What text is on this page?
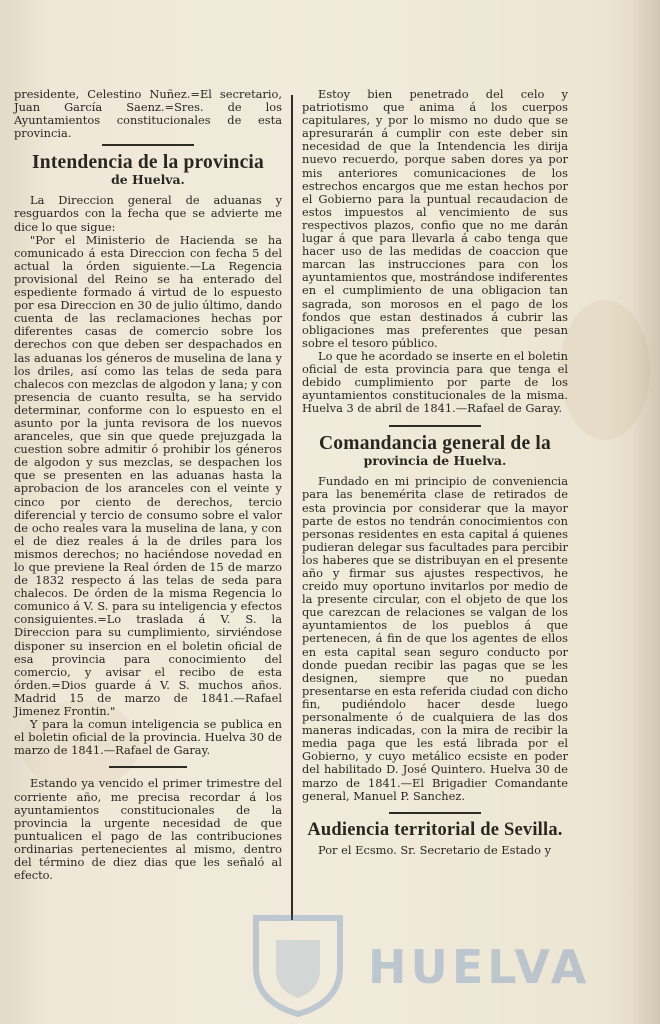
presidente, Celestino Nuñez.=El secretario, Juan García Saenz.=Sres. de los Ayuntamientos constitucionales de esta provincia.

Intendencia de la provincia
de Huelva.

La Direccion general de aduanas y resguardos con la fecha que se advierte me dice lo que sigue:

"Por el Ministerio de Hacienda se ha comunicado á esta Direccion con fecha 5 del actual la órden siguiente.—La Regencia provisional del Reino se ha enterado del espediente formado á virtud de lo espuesto por esa Direccion en 30 de julio último, dando cuenta de las reclamaciones hechas por diferentes casas de comercio sobre los derechos con que deben ser despachados en las aduanas los géneros de muselina de lana y los driles, así como las telas de seda para chalecos con mezclas de algodon y lana; y con presencia de cuanto resulta, se ha servido determinar, conforme con lo espuesto en el asunto por la junta revisora de los nuevos aranceles, que sin que quede prejuzgada la cuestion sobre admitir ó prohibir los géneros de algodon y sus mezclas, se despachen los que se presenten en las aduanas hasta la aprobacion de los aranceles con el veinte y cinco por ciento de derechos, tercio diferencial y tercio de consumo sobre el valor de ocho reales vara la muselina de lana, y con el de diez reales á la de driles para los mismos derechos; no haciéndose novedad en lo que previene la Real órden de 15 de marzo de 1832 respecto á las telas de seda para chalecos. De órden de la misma Regencia lo comunico á V. S. para su inteligencia y efectos consiguientes.=Lo traslada á V. S. la Direccion para su cumplimiento, sirviéndose disponer su insercion en el boletin oficial de esa provincia para conocimiento del comercio, y avisar el recibo de esta órden.=Dios guarde á V. S. muchos años. Madrid 15 de marzo de 1841.—Rafael Jimenez Frontin."

Y para la comun inteligencia se publica en el boletin oficial de la provincia. Huelva 30 de marzo de 1841.—Rafael de Garay.

Estando ya vencido el primer trimestre del corriente año, me precisa recordar á los ayuntamientos constitucionales de la provincia la urgente necesidad de que puntualicen el pago de las contribuciones ordinarias pertenecientes al mismo, dentro del término de diez dias que les señaló al efecto.

Estoy bien penetrado del celo y patriotismo que anima á los cuerpos capitulares, y por lo mismo no dudo que se apresurarán á cumplir con este deber sin necesidad de que la Intendencia les dirija nuevo recuerdo, porque saben dores ya por mis anteriores comunicaciones de los estrechos encargos que me estan hechos por el Gobierno para la puntual recaudacion de estos impuestos al vencimiento de sus respectivos plazos, confio que no me darán lugar á que para llevarla á cabo tenga que hacer uso de las medidas de coaccion que marcan las instrucciones para con los ayuntamientos que, mostrándose indiferentes en el cumplimiento de una obligacion tan sagrada, son morosos en el pago de los fondos que estan destinados á cubrir las obligaciones mas preferentes que pesan sobre el tesoro público.

Lo que he acordado se inserte en el boletin oficial de esta provincia para que tenga el debido cumplimiento por parte de los ayuntamientos constitucionales de la misma. Huelva 3 de abril de 1841.—Rafael de Garay.

Comandancia general de la
provincia de Huelva.

Fundado en mi principio de conveniencia para las benemérita clase de retirados de esta provincia por considerar que la mayor parte de estos no tendrán conocimientos con personas residentes en esta capital á quienes pudieran delegar sus facultades para percibir los haberes que se distribuyan en el presente año y firmar sus ajustes respectivos, he creido muy oportuno invitarlos por medio de la presente circular, con el objeto de que los que carezcan de relaciones se valgan de los ayuntamientos de los pueblos á que pertenecen, á fin de que los agentes de ellos en esta capital sean seguro conducto por donde puedan recibir las pagas que se les designen, siempre que no puedan presentarse en esta referida ciudad con dicho fin, pudiéndolo hacer desde luego personalmente ó de cualquiera de las dos maneras indicadas, con la mira de recibir la media paga que les está librada por el Gobierno, y cuyo metálico ecsiste en poder del habilitado D. José Quintero. Huelva 30 de marzo de 1841.—El Brigadier Comandante general, Manuel P. Sanchez.

Audiencia territorial de Sevilla.

Por el Ecsmo. Sr. Secretario de Estado y

HUELVA
